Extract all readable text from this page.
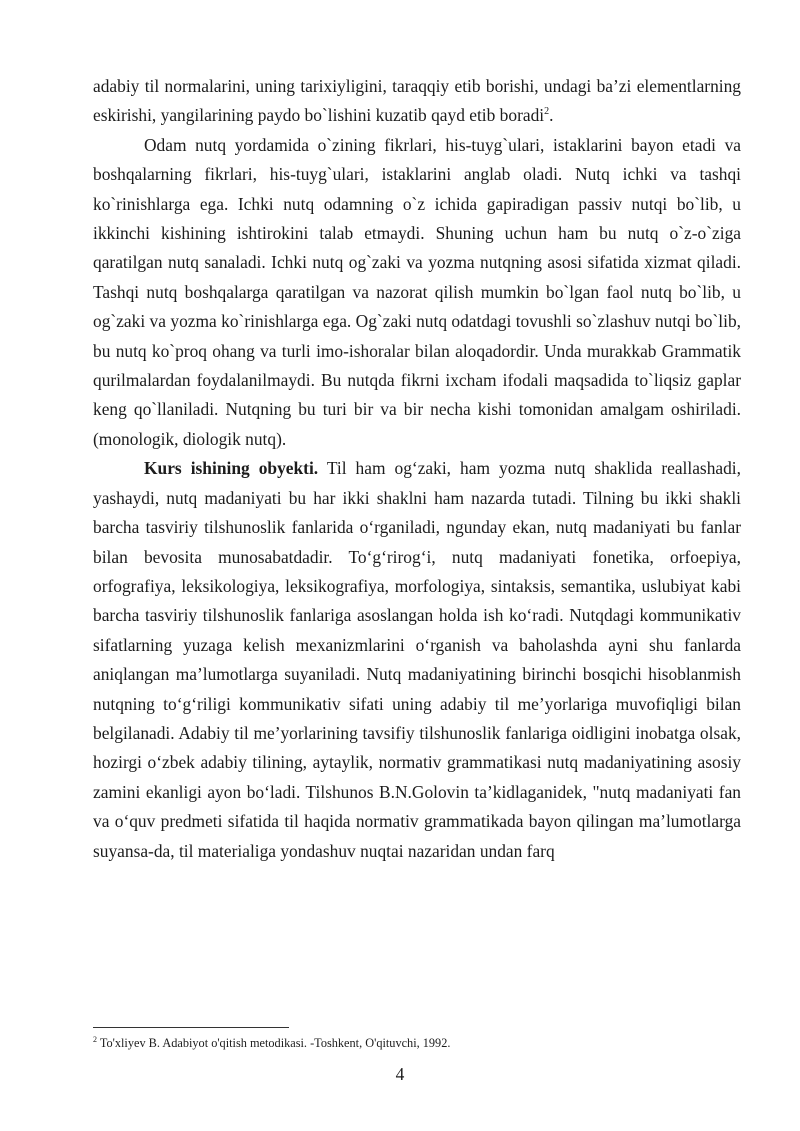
adabiy til normalarini, uning tarixiyligini, taraqqiy etib borishi, undagi ba’zi elementlarning eskirishi, yangilarining paydo bo`lishini kuzatib qayd etib boradi$^2$.

Odam nutq yordamida o`zining fikrlari, his-tuyg`ulari, istaklarini bayon etadi va boshqalarning fikrlari, his-tuyg`ulari, istaklarini anglab oladi. Nutq ichki va tashqi ko`rinishlarga ega. Ichki nutq odamning o`z ichida gapiradigan passiv nutqi bo`lib, u ikkinchi kishining ishtirokini talab etmaydi. Shuning uchun ham bu nutq o`z-o`ziga qaratilgan nutq sanaladi. Ichki nutq og`zaki va yozma nutqning asosi sifatida xizmat qiladi. Tashqi nutq boshqalarga qaratilgan va nazorat qilish mumkin bo`lgan faol nutq bo`lib, u og`zaki va yozma ko`rinishlarga ega. Og`zaki nutq odatdagi tovushli so`zlashuv nutqi bo`lib, bu nutq ko`proq ohang va turli imo-ishoralar bilan aloqadordir. Unda murakkab Grammatik qurilmalardan foydalanilmaydi. Bu nutqda fikrni ixcham ifodali maqsadida to`liqsiz gaplar keng qo`llaniladi. Nutqning bu turi bir va bir necha kishi tomonidan amalgam oshiriladi. (monologik, diologik nutq).

Kurs ishining obyekti. Til ham og‘zaki, ham yozma nutq shaklida reallashadi, yashaydi, nutq madaniyati bu har ikki shaklni ham nazarda tutadi. Tilning bu ikki shakli barcha tasviriy tilshunoslik fanlarida o‘rganiladi, ngunday ekan, nutq madaniyati bu fanlar bilan bevosita munosabatdadir. To‘g‘rirog‘i, nutq madaniyati fonetika, orfoepiya, orfografiya, leksikologiya, leksikografiya, morfologiya, sintaksis, semantika, uslubiyat kabi barcha tasviriy tilshunoslik fanlariga asoslangan holda ish ko‘radi. Nutqdagi kommunikativ sifatlarning yuzaga kelish mexanizmlarini o‘rganish va baholashda ayni shu fanlarda aniqlangan ma’lumotlarga suyaniladi. Nutq madaniyatining birinchi bosqichi hisoblanmish nutqning to‘g‘riligi kommunikativ sifati uning adabiy til me’yorlariga muvofiqligi bilan belgilanadi. Adabiy til me’yorlarining tavsifiy tilshunoslik fanlariga oidligini inobatga olsak, hozirgi o‘zbek adabiy tilining, aytaylik, normativ grammatikasi nutq madaniyatining asosiy zamini ekanligi ayon bo‘ladi. Tilshunos B.N.Golovin ta’kidlaganidek, "nutq madaniyati fan va o‘quv predmeti sifatida til haqida normativ grammatikada bayon qilingan ma’lumotlarga suyansa-da, til materialiga yondashuv nuqtai nazaridan undan farq

$^2$ To'xliyev B. Adabiyot o'qitish metodikasi. -Toshkent, O'qituvchi, 1992.
4
